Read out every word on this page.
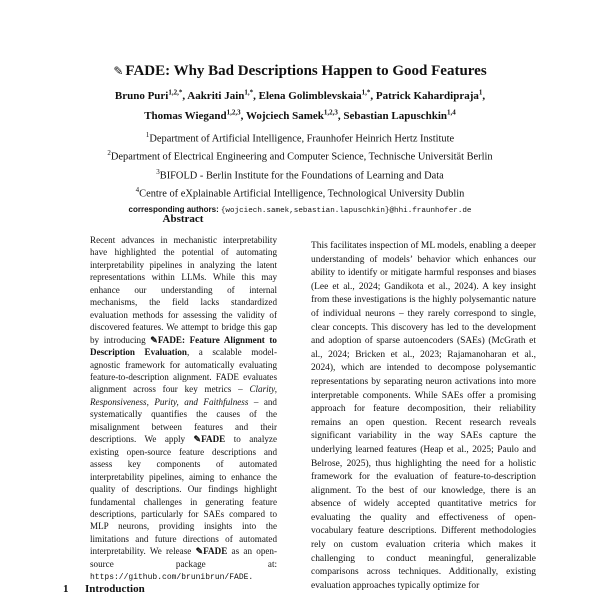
✎ FADE: Why Bad Descriptions Happen to Good Features
Bruno Puri$^{1,2,*}$, Aakriti Jain$^{1,*}$, Elena Golimblevskaia$^{1,*}$, Patrick Kahardipraja$^1$,
Thomas Wiegand$^{1,2,3}$, Wojciech Samek$^{1,2,3}$, Sebastian Lapuschkin$^{1,4}$
$^1$Department of Artificial Intelligence, Fraunhofer Heinrich Hertz Institute
$^2$Department of Electrical Engineering and Computer Science, Technische Universität Berlin
$^3$BIFOLD - Berlin Institute for the Foundations of Learning and Data
$^4$Centre of eXplainable Artificial Intelligence, Technological University Dublin
corresponding authors: {wojciech.samek,sebastian.lapuschkin}@hhi.fraunhofer.de
Abstract

Recent advances in mechanistic interpretability have highlighted the potential of automating interpretability pipelines in analyzing the latent representations within LLMs. While this may enhance our understanding of internal mechanisms, the field lacks standardized evaluation methods for assessing the validity of discovered features. We attempt to bridge this gap by introducing ✎FADE: Feature Alignment to Description Evaluation, a scalable model-agnostic framework for automatically evaluating feature-to-description alignment. FADE evaluates alignment across four key metrics – Clarity, Responsiveness, Purity, and Faithfulness – and systematically quantifies the causes of the misalignment between features and their descriptions. We apply ✎FADE to analyze existing open-source feature descriptions and assess key components of automated interpretability pipelines, aiming to enhance the quality of descriptions. Our findings highlight fundamental challenges in generating feature descriptions, particularly for SAEs compared to MLP neurons, providing insights into the limitations and future directions of automated interpretability. We release ✎FADE as an open-source package at: https://github.com/brunibrun/FADE.

1 Introduction

This facilitates inspection of ML models, enabling a deeper understanding of models’ behavior which enhances our ability to identify or mitigate harmful responses and biases (Lee et al., 2024; Gandikota et al., 2024). A key insight from these investigations is the highly polysemantic nature of individual neurons – they rarely correspond to single, clear concepts. This discovery has led to the development and adoption of sparse autoencoders (SAEs) (McGrath et al., 2024; Bricken et al., 2023; Rajamanoharan et al., 2024), which are intended to decompose polysemantic representations by separating neuron activations into more interpretable components. While SAEs offer a promising approach for feature decomposition, their reliability remains an open question. Recent research reveals significant variability in the way SAEs capture the underlying learned features (Heap et al., 2025; Paulo and Belrose, 2025), thus highlighting the need for a holistic framework for the evaluation of feature-to-description alignment. To the best of our knowledge, there is an absence of widely accepted quantitative metrics for evaluating the quality and effectiveness of open-vocabulary feature descriptions. Different methodologies rely on custom evaluation criteria which makes it challenging to conduct meaningful, generalizable comparisons across techniques. Additionally, existing evaluation approaches typically optimize for
